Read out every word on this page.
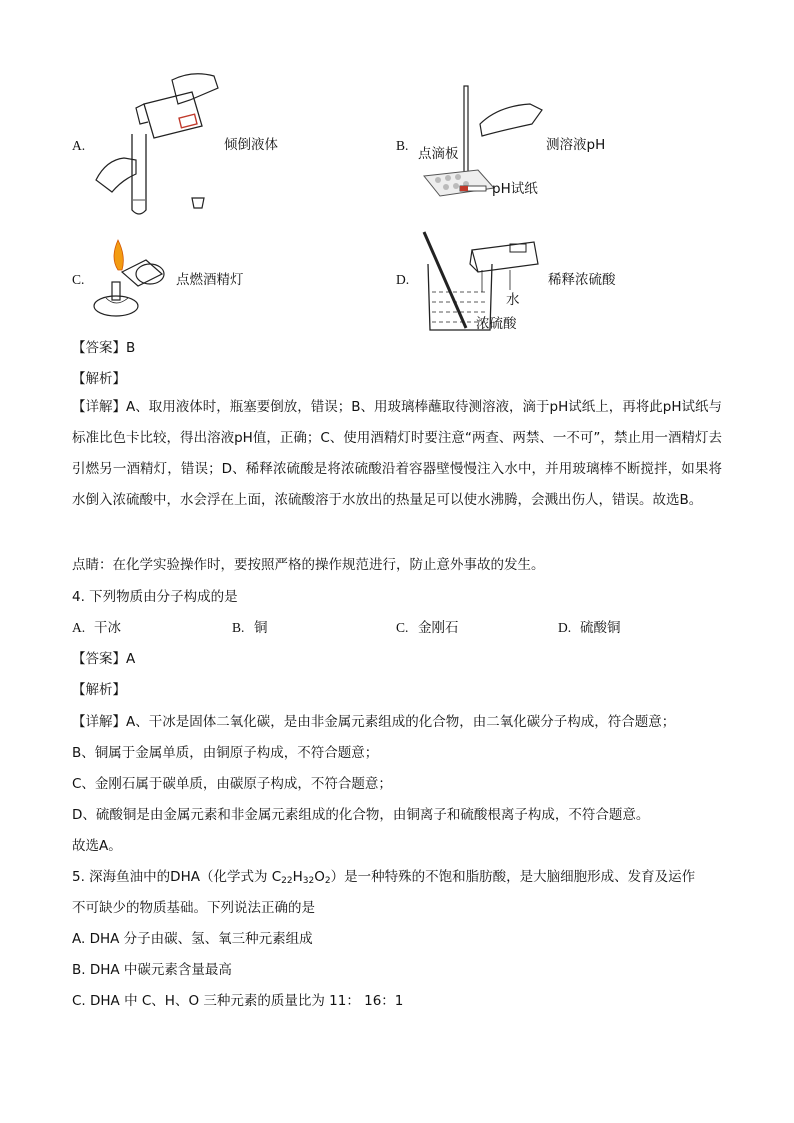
A.	倾倒液体	B.
点滴板
pH试纸
测溶液pH
C.	点燃酒精灯	D.
水
浓硫酸
稀释浓硫酸
【答案】B
【解析】
【详解】A、取用液体时，瓶塞要倒放，错误；B、用玻璃棒蘸取待测溶液，滴于pH试纸上，再将此pH试纸与标准比色卡比较，得出溶液pH值，正确；C、使用酒精灯时要注意“两查、两禁、一不可”，禁止用一酒精灯去引燃另一酒精灯，错误；D、稀释浓硫酸是将浓硫酸沿着容器壁慢慢注入水中，并用玻璃棒不断搅拌，如果将水倒入浓硫酸中，水会浮在上面，浓硫酸溶于水放出的热量足可以使水沸腾，会溅出伤人，错误。故选B。
点睛：在化学实验操作时，要按照严格的操作规范进行，防止意外事故的发生。
4. 下列物质由分子构成的是
A. 干冰	B. 铜	C. 金刚石	D. 硫酸铜
【答案】A
【解析】
【详解】A、干冰是固体二氧化碳，是由非金属元素组成的化合物，由二氧化碳分子构成，符合题意；
B、铜属于金属单质，由铜原子构成，不符合题意；
C、金刚石属于碳单质，由碳原子构成，不符合题意；
D、硫酸铜是由金属元素和非金属元素组成的化合物，由铜离子和硫酸根离子构成，不符合题意。
故选A。
5. 深海鱼油中的DHA（化学式为 $C_{22}H_{32}O_2$）是一种特殊的不饱和脂肪酸，是大脑细胞形成、发育及运作
不可缺少的物质基础。下列说法正确的是
A. DHA 分子由碳、氢、氧三种元素组成
B. DHA 中碳元素含量最高
C. DHA 中 C、H、O 三种元素的质量比为 11： 16：1
